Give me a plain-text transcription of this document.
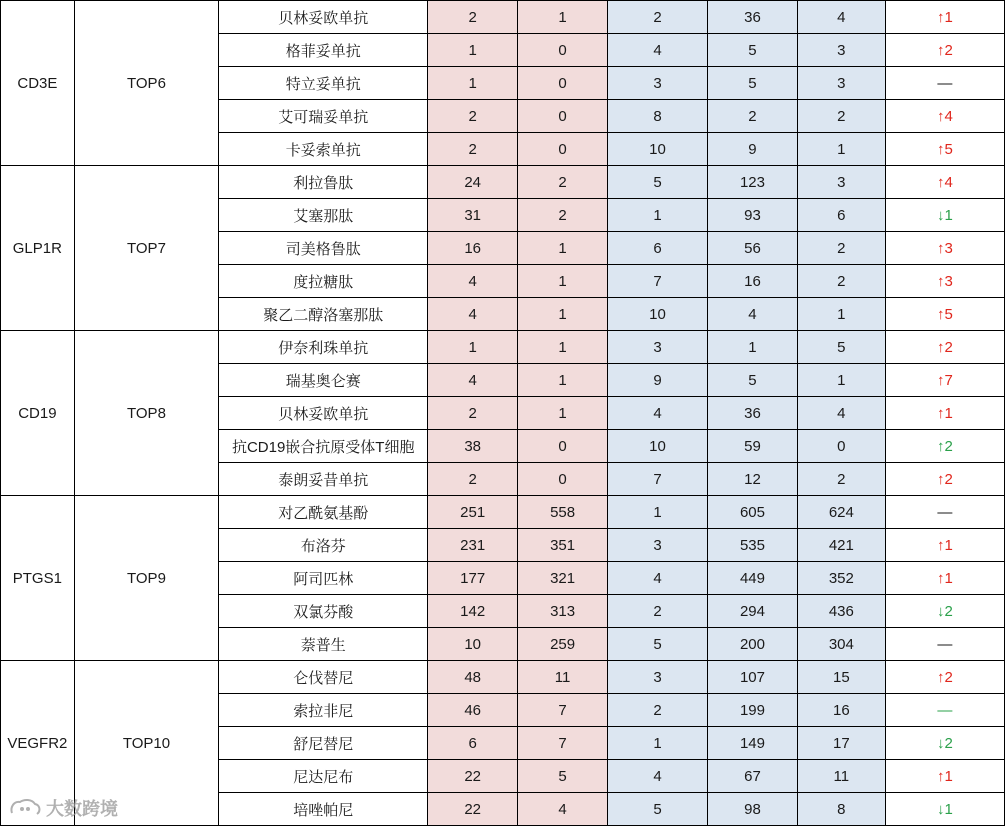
CD3E	TOP6	贝林妥欧单抗	2	1	2	36	4	↑1
		格菲妥单抗	1	0	4	5	3	↑2
		特立妥单抗	1	0	3	5	3	—
		艾可瑞妥单抗	2	0	8	2	2	↑4
		卡妥索单抗	2	0	10	9	1	↑5
GLP1R	TOP7	利拉鲁肽	24	2	5	123	3	↑4
		艾塞那肽	31	2	1	93	6	↓1
		司美格鲁肽	16	1	6	56	2	↑3
		度拉糖肽	4	1	7	16	2	↑3
		聚乙二醇洛塞那肽	4	1	10	4	1	↑5
CD19	TOP8	伊奈利珠单抗	1	1	3	1	5	↑2
		瑞基奥仑赛	4	1	9	5	1	↑7
		贝林妥欧单抗	2	1	4	36	4	↑1
		抗CD19嵌合抗原受体T细胞	38	0	10	59	0	↑2
		泰朗妥昔单抗	2	0	7	12	2	↑2
PTGS1	TOP9	对乙酰氨基酚	251	558	1	605	624	—
		布洛芬	231	351	3	535	421	↑1
		阿司匹林	177	321	4	449	352	↑1
		双氯芬酸	142	313	2	294	436	↓2
		萘普生	10	259	5	200	304	—
VEGFR2	TOP10	仑伐替尼	48	11	3	107	15	↑2
		索拉非尼	46	7	2	199	16	—
		舒尼替尼	6	7	1	149	17	↓2
		尼达尼布	22	5	4	67	11	↑1
		培唑帕尼	22	4	5	98	8	↓1
大数跨境
